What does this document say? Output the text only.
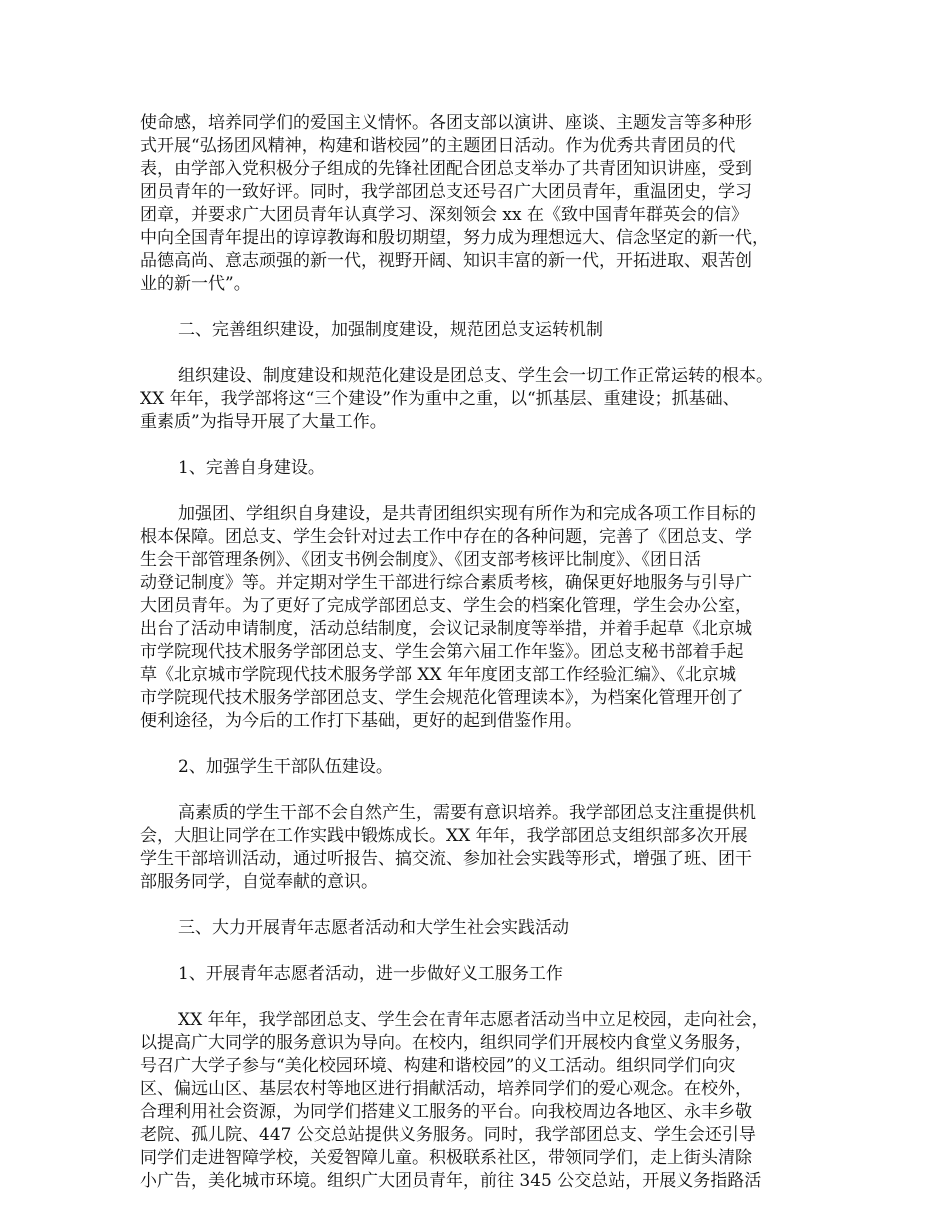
使命感，培养同学们的爱国主义情怀。各团支部以演讲、座谈、主题发言等多种形
式开展“弘扬团风精神，构建和谐校园”的主题团日活动。作为优秀共青团员的代
表，由学部入党积极分子组成的先锋社团配合团总支举办了共青团知识讲座，受到
团员青年的一致好评。同时，我学部团总支还号召广大团员青年，重温团史，学习
团章，并要求广大团员青年认真学习、深刻领会 xx 在《致中国青年群英会的信》
中向全国青年提出的谆谆教诲和殷切期望，努力成为理想远大、信念坚定的新一代，
品德高尚、意志顽强的新一代，视野开阔、知识丰富的新一代，开拓进取、艰苦创
业的新一代”。
二、完善组织建设，加强制度建设，规范团总支运转机制
组织建设、制度建设和规范化建设是团总支、学生会一切工作正常运转的根本。
XX 年年，我学部将这“三个建设”作为重中之重，以“抓基层、重建设；抓基础、
重素质”为指导开展了大量工作。
1、完善自身建设。
加强团、学组织自身建设，是共青团组织实现有所作为和完成各项工作目标的
根本保障。团总支、学生会针对过去工作中存在的各种问题，完善了《团总支、学
生会干部管理条例》、《团支书例会制度》、《团支部考核评比制度》、《团日活
动登记制度》等。并定期对学生干部进行综合素质考核，确保更好地服务与引导广
大团员青年。为了更好了完成学部团总支、学生会的档案化管理，学生会办公室，
出台了活动申请制度，活动总结制度，会议记录制度等举措，并着手起草《北京城
市学院现代技术服务学部团总支、学生会第六届工作年鉴》。团总支秘书部着手起
草《北京城市学院现代技术服务学部 XX 年年度团支部工作经验汇编》、《北京城
市学院现代技术服务学部团总支、学生会规范化管理读本》，为档案化管理开创了
便利途径，为今后的工作打下基础，更好的起到借鉴作用。
2、加强学生干部队伍建设。
高素质的学生干部不会自然产生，需要有意识培养。我学部团总支注重提供机
会，大胆让同学在工作实践中锻炼成长。XX 年年，我学部团总支组织部多次开展
学生干部培训活动，通过听报告、搞交流、参加社会实践等形式，增强了班、团干
部服务同学，自觉奉献的意识。
三、大力开展青年志愿者活动和大学生社会实践活动
1、开展青年志愿者活动，进一步做好义工服务工作
XX 年年，我学部团总支、学生会在青年志愿者活动当中立足校园，走向社会，
以提高广大同学的服务意识为导向。在校内，组织同学们开展校内食堂义务服务，
号召广大学子参与“美化校园环境、构建和谐校园”的义工活动。组织同学们向灾
区、偏远山区、基层农村等地区进行捐献活动，培养同学们的爱心观念。在校外，
合理利用社会资源，为同学们搭建义工服务的平台。向我校周边各地区、永丰乡敬
老院、孤儿院、447 公交总站提供义务服务。同时，我学部团总支、学生会还引导
同学们走进智障学校，关爱智障儿童。积极联系社区，带领同学们，走上街头清除
小广告，美化城市环境。组织广大团员青年，前往 345 公交总站，开展义务指路活
